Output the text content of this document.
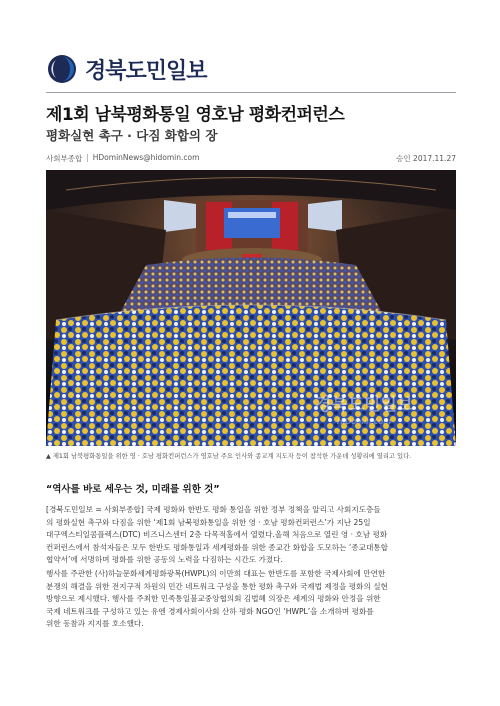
경북도민일보
제1회 남북평화통일 영호남 평화컨퍼런스
평화실현 촉구 · 다짐 화합의 장
사회부종합 | HDominNews@hidomin.com	승인 2017.11.27
경북도민일보
HiDomin.com

▲ 제1회 남북평화통일을 위한 영 · 호남 평화컨퍼런스가 영호남 주요 인사와 종교계 지도자 등이 참석한 가운데 성황리에 열리고 있다.

“역사를 바로 세우는 것, 미래를 위한 것”
[경북도민일보 = 사회부종합] 국제 평화와 한반도 평화 통일을 위한 정부 정책을 알리고 사회지도층들
의 평화실현 촉구와 다짐을 위한 ‘제1회 남북평화통일을 위한 영 · 호남 평화컨퍼런스’가 지난 25일
대구엑스티일콤플렉스(DTC) 비즈니스센터 2층 다목적홀에서 열렸다.올해 처음으로 열린 영 · 호남 평화
컨퍼런스에서 참석자들은 모두 한반도 평화통일과 세계평화를 위한 종교간 화합을 도모하는 ‘종교대통합
협약서’에 서명하며 평화를 위한 공동의 노력을 다짐하는 시간도 가졌다.
행사를 주관한 (사)하늘문화세계평화광복(HWPL)의 이만희 대표는 한반도를 포함한 국제사회에 만연한
분쟁의 해결을 위한 전지구적 차원의 민간 네트워크 구성을 통한 평화 촉구와 국제법 제정을 평화의 실현
방향으로 제시했다. 행사를 주최한 민족통일불교중앙협의회 김법혜 의장은 세계의 평화와 안정을 위한
국제 네트워크를 구성하고 있는 유엔 경제사회이사회 산하 평화 NGO인 ‘HWPL’을 소개하며 평화를
위한 동참과 지지를 호소했다.
